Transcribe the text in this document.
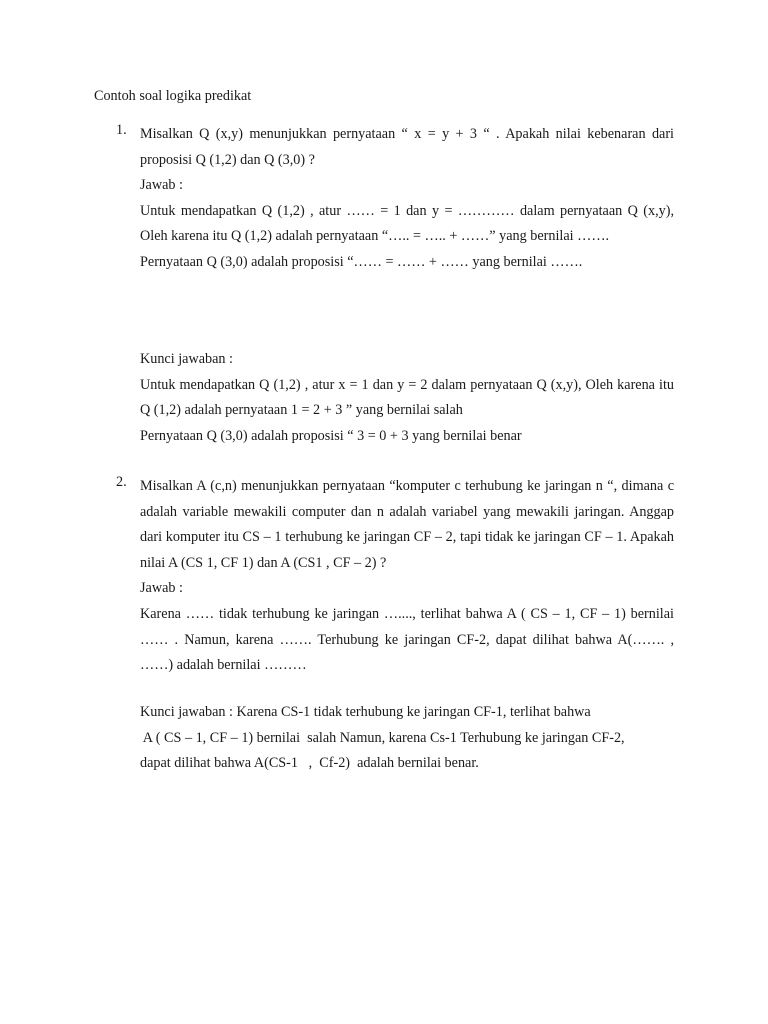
Contoh soal logika predikat
1. Misalkan Q (x,y) menunjukkan pernyataan “ x = y + 3 “ . Apakah nilai kebenaran dari proposisi Q (1,2) dan Q (3,0) ?

Jawab :

Untuk mendapatkan Q (1,2) , atur …… = 1 dan y = ………… dalam pernyataan Q (x,y), Oleh karena itu Q (1,2) adalah pernyataan “….. = ….. + ……” yang bernilai …….

Pernyataan Q (3,0) adalah proposisi “…… = …… + …… yang bernilai …….

Kunci jawaban :

Untuk mendapatkan Q (1,2) , atur x = 1 dan y = 2 dalam pernyataan Q (x,y), Oleh karena itu Q (1,2) adalah pernyataan 1 = 2 + 3 ” yang bernilai salah

Pernyataan Q (3,0) adalah proposisi “ 3 = 0 + 3 yang bernilai benar

2. Misalkan A (c,n) menunjukkan pernyataan “komputer c terhubung ke jaringan n “, dimana c adalah variable mewakili computer dan n adalah variabel yang mewakili jaringan. Anggap dari komputer itu CS – 1 terhubung ke jaringan CF – 2, tapi tidak ke jaringan CF – 1. Apakah nilai A (CS 1, CF 1) dan A (CS1 , CF – 2) ?

Jawab :

Karena …… tidak terhubung ke jaringan …...., terlihat bahwa A ( CS – 1, CF – 1) bernilai …… . Namun, karena ……. Terhubung ke jaringan CF-2, dapat dilihat bahwa A(……. , ……) adalah bernilai ………

Kunci jawaban : Karena CS-1 tidak terhubung ke jaringan CF-1, terlihat bahwa

A ( CS – 1, CF – 1) bernilai  salah Namun, karena Cs-1 Terhubung ke jaringan CF-2,

dapat dilihat bahwa A(CS-1   ,  Cf-2)  adalah bernilai benar.
